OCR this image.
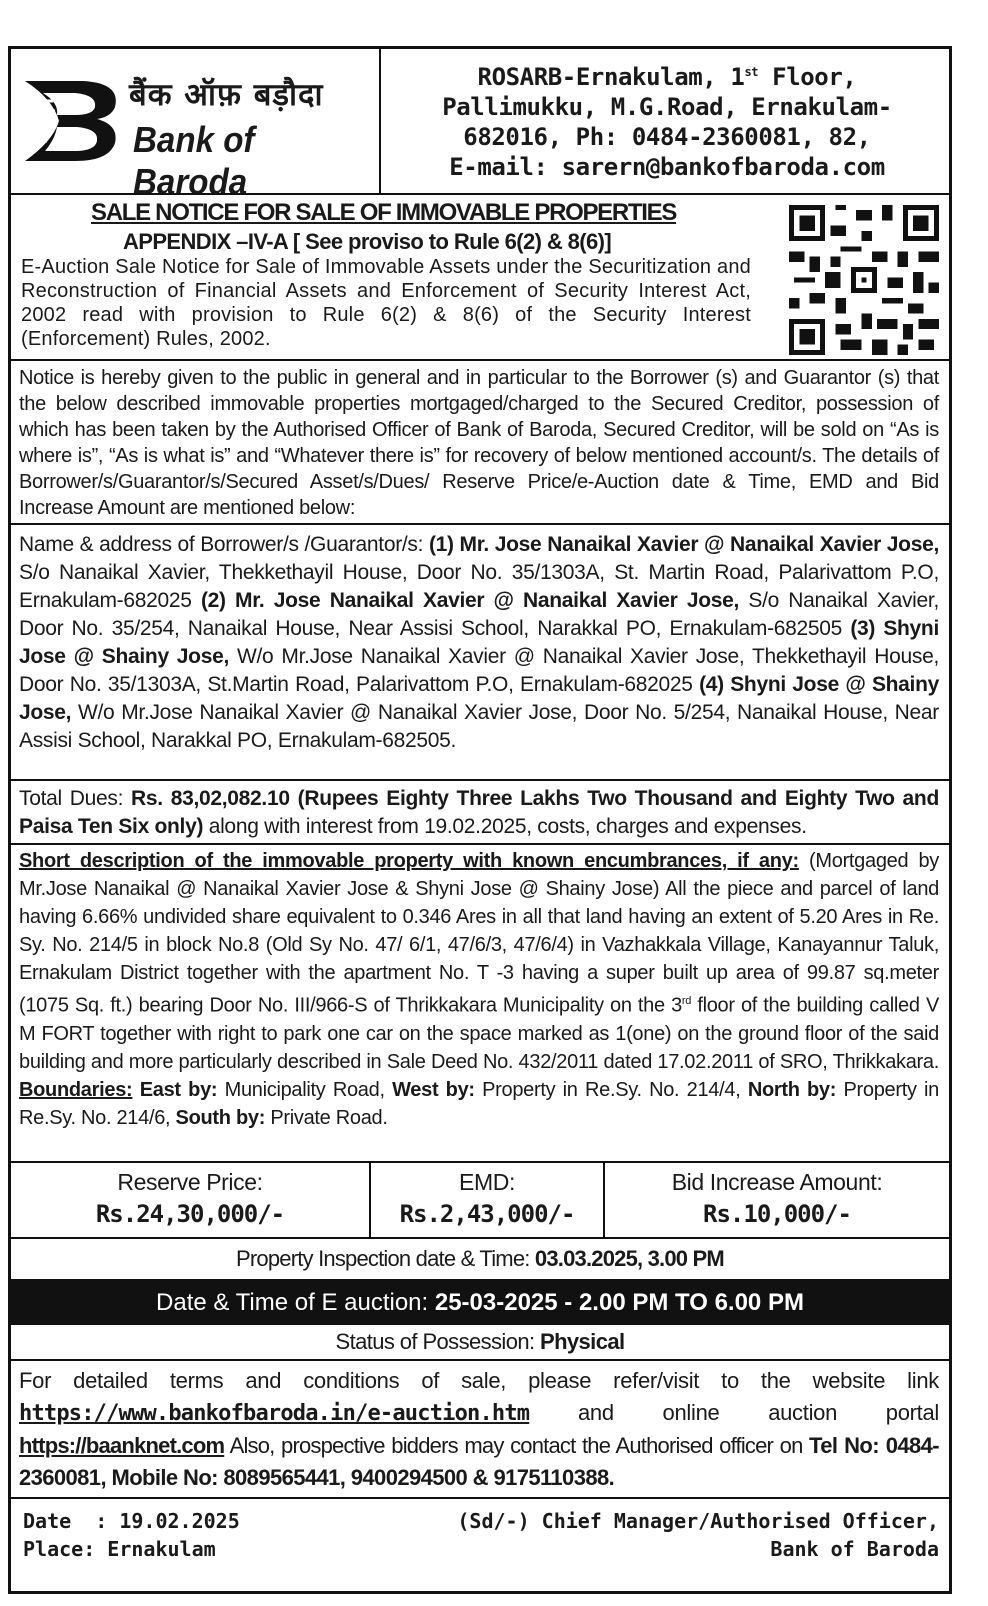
बैंक ऑफ़ बड़ौदा
Bank of Baroda
ROSARB-Ernakulam, 1st Floor,
Pallimukku, M.G.Road, Ernakulam-
682016, Ph: 0484-2360081, 82,
E-mail: sarern@bankofbaroda.com
SALE NOTICE FOR SALE OF IMMOVABLE PROPERTIES
APPENDIX –IV-A [ See proviso to Rule 6(2) & 8(6)]
E-Auction Sale Notice for Sale of Immovable Assets under the Securitization and Reconstruction of Financial Assets and Enforcement of Security Interest Act, 2002 read with provision to Rule 6(2) & 8(6) of the Security Interest (Enforcement) Rules, 2002.
Notice is hereby given to the public in general and in particular to the Borrower (s) and Guarantor (s) that the below described immovable properties mortgaged/charged to the Secured Creditor, possession of which has been taken by the Authorised Officer of Bank of Baroda, Secured Creditor, will be sold on “As is where is”, “As is what is” and “Whatever there is” for recovery of below mentioned account/s. The details of Borrower/s/Guarantor/s/Secured Asset/s/Dues/ Reserve Price/e-Auction date & Time, EMD and Bid Increase Amount are mentioned below:
Name & address of Borrower/s /Guarantor/s: (1) Mr. Jose Nanaikal Xavier @ Nanaikal Xavier Jose, S/o Nanaikal Xavier, Thekkethayil House, Door No. 35/1303A, St. Martin Road, Palarivattom P.O, Ernakulam-682025 (2) Mr. Jose Nanaikal Xavier @ Nanaikal Xavier Jose, S/o Nanaikal Xavier, Door No. 35/254, Nanaikal House, Near Assisi School, Narakkal PO, Ernakulam-682505 (3) Shyni Jose @ Shainy Jose, W/o Mr.Jose Nanaikal Xavier @ Nanaikal Xavier Jose, Thekkethayil House, Door No. 35/1303A, St.Martin Road, Palarivattom P.O, Ernakulam-682025 (4) Shyni Jose @ Shainy Jose, W/o Mr.Jose Nanaikal Xavier @ Nanaikal Xavier Jose, Door No. 5/254, Nanaikal House, Near Assisi School, Narakkal PO, Ernakulam-682505.
Total Dues: Rs. 83,02,082.10 (Rupees Eighty Three Lakhs Two Thousand and Eighty Two and Paisa Ten Six only) along with interest from 19.02.2025, costs, charges and expenses.
Short description of the immovable property with known encumbrances, if any: (Mortgaged by Mr.Jose Nanaikal @ Nanaikal Xavier Jose & Shyni Jose @ Shainy Jose) All the piece and parcel of land having 6.66% undivided share equivalent to 0.346 Ares in all that land having an extent of 5.20 Ares in Re. Sy. No. 214/5 in block No.8 (Old Sy No. 47/ 6/1, 47/6/3, 47/6/4) in Vazhakkala Village, Kanayannur Taluk, Ernakulam District together with the apartment No. T -3 having a super built up area of 99.87 sq.meter (1075 Sq. ft.) bearing Door No. III/966-S of Thrikkakara Municipality on the 3rd floor of the building called V M FORT together with right to park one car on the space marked as 1(one) on the ground floor of the said building and more particularly described in Sale Deed No. 432/2011 dated 17.02.2011 of SRO, Thrikkakara. Boundaries: East by: Municipality Road, West by: Property in Re.Sy. No. 214/4, North by: Property in Re.Sy. No. 214/6, South by: Private Road.
Reserve Price:
Rs.24,30,000/-
EMD:
Rs.2,43,000/-
Bid Increase Amount:
Rs.10,000/-
Property Inspection date & Time: 03.03.2025, 3.00 PM
Date & Time of E auction: 25-03-2025 - 2.00 PM TO 6.00 PM
Status of Possession: Physical
For detailed terms and conditions of sale, please refer/visit to the website link https://www.bankofbaroda.in/e-auction.htm and online auction portal https://baanknet.com Also, prospective bidders may contact the Authorised officer on Tel No: 0484-2360081, Mobile No: 8089565441, 9400294500 & 9175110388.
Date  : 19.02.2025
Place: Ernakulam
(Sd/-) Chief Manager/Authorised Officer,
Bank of Baroda
